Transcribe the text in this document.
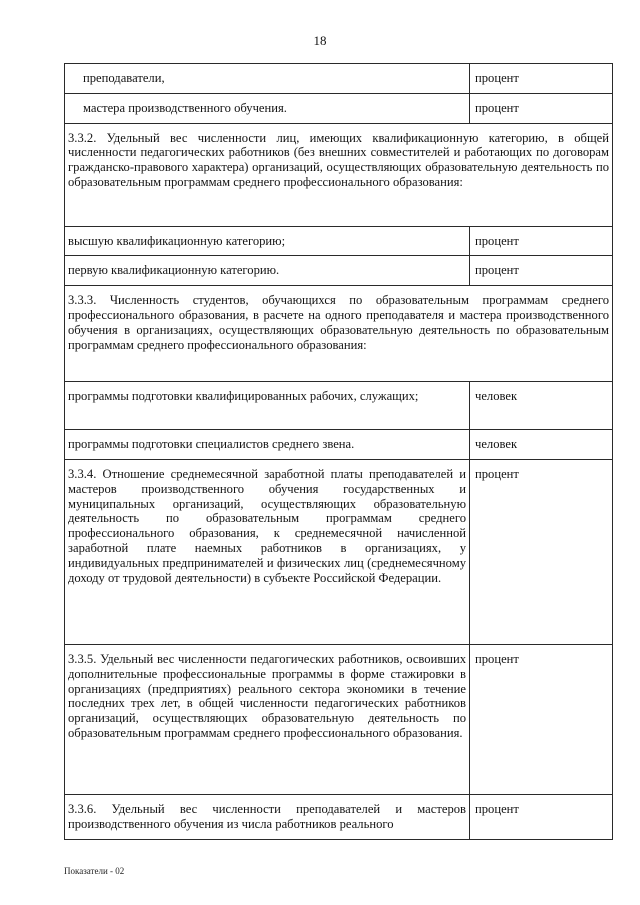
18
преподаватели,	процент
мастера производственного обучения.	процент
3.3.2. Удельный вес численности лиц, имеющих квалификационную категорию, в общей численности педагогических работников (без внешних совместителей и работающих по договорам гражданско-правового характера) организаций, осуществляющих образовательную деятельность по образовательным программам среднего профессионального образования:	
высшую квалификационную категорию;	процент
первую квалификационную категорию.	процент
3.3.3. Численность студентов, обучающихся по образовательным программам среднего профессионального образования, в расчете на одного преподавателя и мастера производственного обучения в организациях, осуществляющих образовательную деятельность по образовательным программам среднего профессионального образования:	
программы подготовки квалифицированных рабочих, служащих;	человек
программы подготовки специалистов среднего звена.	человек
3.3.4. Отношение среднемесячной заработной платы преподавателей и мастеров производственного обучения государственных и муниципальных организаций, осуществляющих образовательную деятельность по образовательным программам среднего профессионального образования, к среднемесячной начисленной заработной плате наемных работников в организациях, у индивидуальных предпринимателей и физических лиц (среднемесячному доходу от трудовой деятельности) в субъекте Российской Федерации.	процент
3.3.5. Удельный вес численности педагогических работников, освоивших дополнительные профессиональные программы в форме стажировки в организациях (предприятиях) реального сектора экономики в течение последних трех лет, в общей численности педагогических работников организаций, осуществляющих образовательную деятельность по образовательным программам среднего профессионального образования.	процент
3.3.6. Удельный вес численности преподавателей и мастеров производственного обучения из числа работников реального	процент
Показатели - 02
